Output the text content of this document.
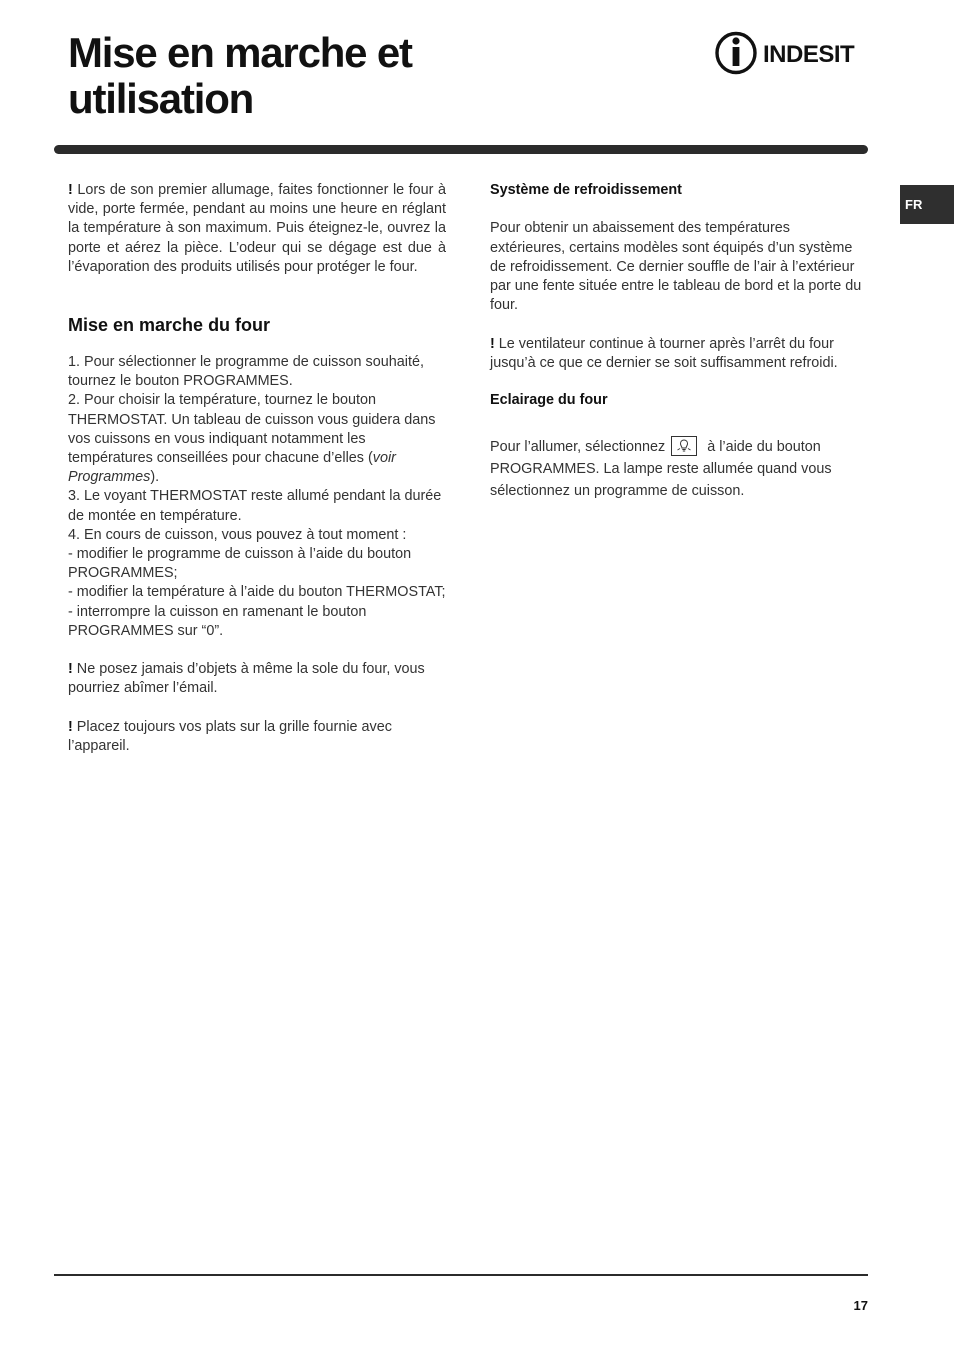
Mise en marche et
utilisation
INDESIT
FR

! Lors de son premier allumage, faites fonctionner le four à vide, porte fermée, pendant au moins une heure en réglant la température à son maximum. Puis éteignez-le, ouvrez la porte et aérez la pièce. L’odeur qui se dégage est due à l’évaporation des produits utilisés pour protéger le four.

Mise en marche du four

1. Pour sélectionner le programme de cuisson souhaité, tournez le bouton PROGRAMMES.

2. Pour choisir la température, tournez le bouton THERMOSTAT. Un tableau de cuisson vous guidera dans vos cuissons en vous indiquant notamment les températures conseillées pour chacune d’elles (voir Programmes).

3. Le voyant THERMOSTAT reste allumé pendant la durée de montée en température.

4. En cours de cuisson, vous pouvez à tout moment :

- modifier le programme de cuisson à l’aide du bouton PROGRAMMES;

- modifier la température à l’aide du bouton THERMOSTAT;

- interrompre la cuisson en ramenant le bouton PROGRAMMES sur “0”.

! Ne posez jamais d’objets à même la sole du four, vous pourriez abîmer l’émail.

! Placez toujours vos plats sur la grille fournie avec l’appareil.

Système de refroidissement

Pour obtenir un abaissement des températures extérieures, certains modèles sont équipés d’un système de refroidissement. Ce dernier souffle de l’air à l’extérieur par une fente située entre le tableau de bord et la porte du four.

! Le ventilateur continue à tourner après l’arrêt du four jusqu’à ce que ce dernier se soit suffisamment refroidi.

Eclairage du four

Pour l’allumer, sélectionnez	à l’aide du bouton PROGRAMMES. La lampe reste allumée quand vous sélectionnez un programme de cuisson.

17
